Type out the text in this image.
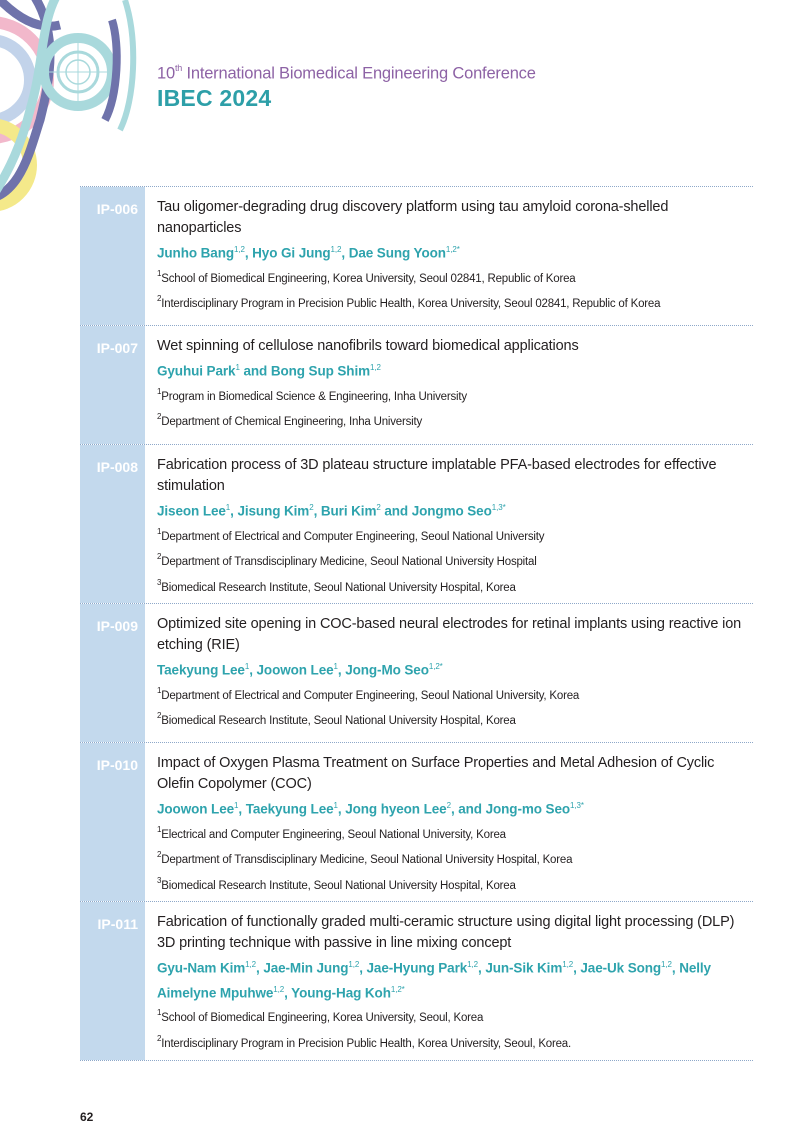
10th International Biomedical Engineering Conference
IBEC 2024
IP-006	Tau oligomer-degrading drug discovery platform using tau amyloid corona-shelled nanoparticles
Junho Bang$^{1,2}$, Hyo Gi Jung$^{1,2}$, Dae Sung Yoon$^{1,2*}$
$^1$School of Biomedical Engineering, Korea University, Seoul 02841, Republic of Korea
$^2$Interdisciplinary Program in Precision Public Health, Korea University, Seoul 02841, Republic of Korea
IP-007	Wet spinning of cellulose nanofibrils toward biomedical applications
Gyuhui Park$^1$ and Bong Sup Shim$^{1,2}$
$^1$Program in Biomedical Science & Engineering, Inha University
$^2$Department of Chemical Engineering, Inha University
IP-008	Fabrication process of 3D plateau structure implatable PFA-based electrodes for effective stimulation
Jiseon Lee$^1$, Jisung Kim$^2$, Buri Kim$^2$ and Jongmo Seo$^{1,3*}$
$^1$Department of Electrical and Computer Engineering, Seoul National University
$^2$Department of Transdisciplinary Medicine, Seoul National University Hospital
$^3$Biomedical Research Institute, Seoul National University Hospital, Korea
IP-009	Optimized site opening in COC-based neural electrodes for retinal implants using reactive ion etching (RIE)
Taekyung Lee$^1$, Joowon Lee$^1$, Jong-Mo Seo$^{1,2*}$
$^1$Department of Electrical and Computer Engineering, Seoul National University, Korea
$^2$Biomedical Research Institute, Seoul National University Hospital, Korea
IP-010	Impact of Oxygen Plasma Treatment on Surface Properties and Metal Adhesion of Cyclic Olefin Copolymer (COC)
Joowon Lee$^1$, Taekyung Lee$^1$, Jong hyeon Lee$^2$, and Jong-mo Seo$^{1,3*}$
$^1$Electrical and Computer Engineering, Seoul National University, Korea
$^2$Department of Transdisciplinary Medicine, Seoul National University Hospital, Korea
$^3$Biomedical Research Institute, Seoul National University Hospital, Korea
IP-011	Fabrication of functionally graded multi-ceramic structure using digital light processing (DLP) 3D printing technique with passive in line mixing concept
Gyu-Nam Kim$^{1,2}$, Jae-Min Jung$^{1,2}$, Jae-Hyung Park$^{1,2}$, Jun-Sik Kim$^{1,2}$, Jae-Uk Song$^{1,2}$, Nelly Aimelyne Mpuhwe$^{1,2}$, Young-Hag Koh$^{1,2*}$
$^1$School of Biomedical Engineering, Korea University, Seoul, Korea
$^2$Interdisciplinary Program in Precision Public Health, Korea University, Seoul, Korea.
62
